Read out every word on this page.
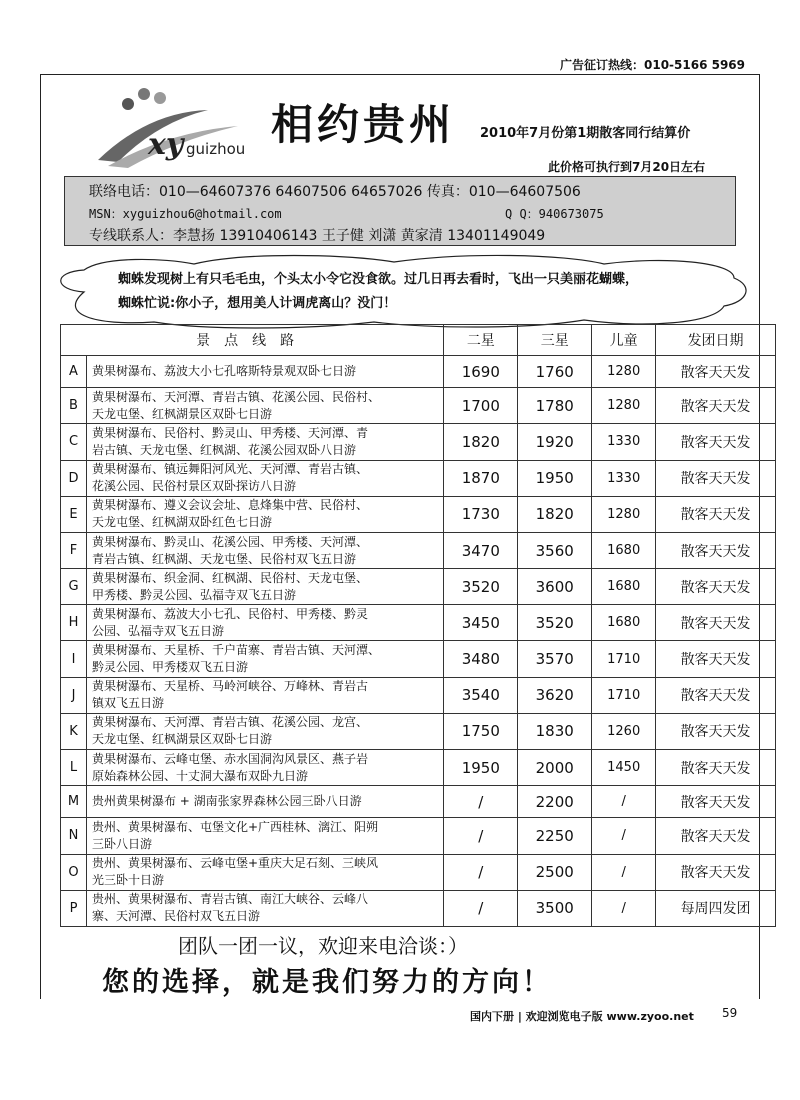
广告征订热线：010-5166 5969
xy guizhou 相约贵州 2010年7月份第1期散客同行结算价
此价格可执行到7月20日左右
联络电话：010—64607376 64607506 64657026 传真：010—64607506
MSN：xyguizhou6@hotmail.com	Q Q：940673075
专线联系人：李慧扬 13910406143 王子健 刘潇 黄家清 13401149049
蜘蛛发现树上有只毛毛虫，个头太小令它没食欲。过几日再去看时，飞出一只美丽花蝴蝶，
蜘蛛忙说:你小子，想用美人计调虎离山？没门！
景点线路		二星	三星	儿童	发团日期
A	黄果树瀑布、荔波大小七孔喀斯特景观双卧七日游	1690	1760	1280	散客天天发
B	黄果树瀑布、天河潭、青岩古镇、花溪公园、民俗村、
天龙屯堡、红枫湖景区双卧七日游	1700	1780	1280	散客天天发
C	黄果树瀑布、民俗村、黔灵山、甲秀楼、天河潭、青
岩古镇、天龙屯堡、红枫湖、花溪公园双卧八日游	1820	1920	1330	散客天天发
D	黄果树瀑布、镇远舞阳河风光、天河潭、青岩古镇、
花溪公园、民俗村景区双卧探访八日游	1870	1950	1330	散客天天发
E	黄果树瀑布、遵义会议会址、息烽集中营、民俗村、
天龙屯堡、红枫湖双卧红色七日游	1730	1820	1280	散客天天发
F	黄果树瀑布、黔灵山、花溪公园、甲秀楼、天河潭、
青岩古镇、红枫湖、天龙屯堡、民俗村双飞五日游	3470	3560	1680	散客天天发
G	黄果树瀑布、织金洞、红枫湖、民俗村、天龙屯堡、
甲秀楼、黔灵公园、弘福寺双飞五日游	3520	3600	1680	散客天天发
H	黄果树瀑布、荔波大小七孔、民俗村、甲秀楼、黔灵
公园、弘福寺双飞五日游	3450	3520	1680	散客天天发
I	黄果树瀑布、天星桥、千户苗寨、青岩古镇、天河潭、
黔灵公园、甲秀楼双飞五日游	3480	3570	1710	散客天天发
J	黄果树瀑布、天星桥、马岭河峡谷、万峰林、青岩古
镇双飞五日游	3540	3620	1710	散客天天发
K	黄果树瀑布、天河潭、青岩古镇、花溪公园、龙宫、
天龙屯堡、红枫湖景区双卧七日游	1750	1830	1260	散客天天发
L	黄果树瀑布、云峰屯堡、赤水国洞沟风景区、燕子岩
原始森林公园、十丈洞大瀑布双卧九日游	1950	2000	1450	散客天天发
M	贵州黄果树瀑布 + 湖南张家界森林公园三卧八日游	/	2200	/	散客天天发
N	贵州、黄果树瀑布、屯堡文化+广西桂林、漓江、阳朔
三卧八日游	/	2250	/	散客天天发
O	贵州、黄果树瀑布、云峰屯堡+重庆大足石刻、三峡风
光三卧十日游	/	2500	/	散客天天发
P	贵州、黄果树瀑布、青岩古镇、南江大峡谷、云峰八
寨、天河潭、民俗村双飞五日游	/	3500	/	每周四发团
团队一团一议，欢迎来电洽谈：）
您的选择，就是我们努力的方向！
国内下册 | 欢迎浏览电子版 www.zyoo.net 59
